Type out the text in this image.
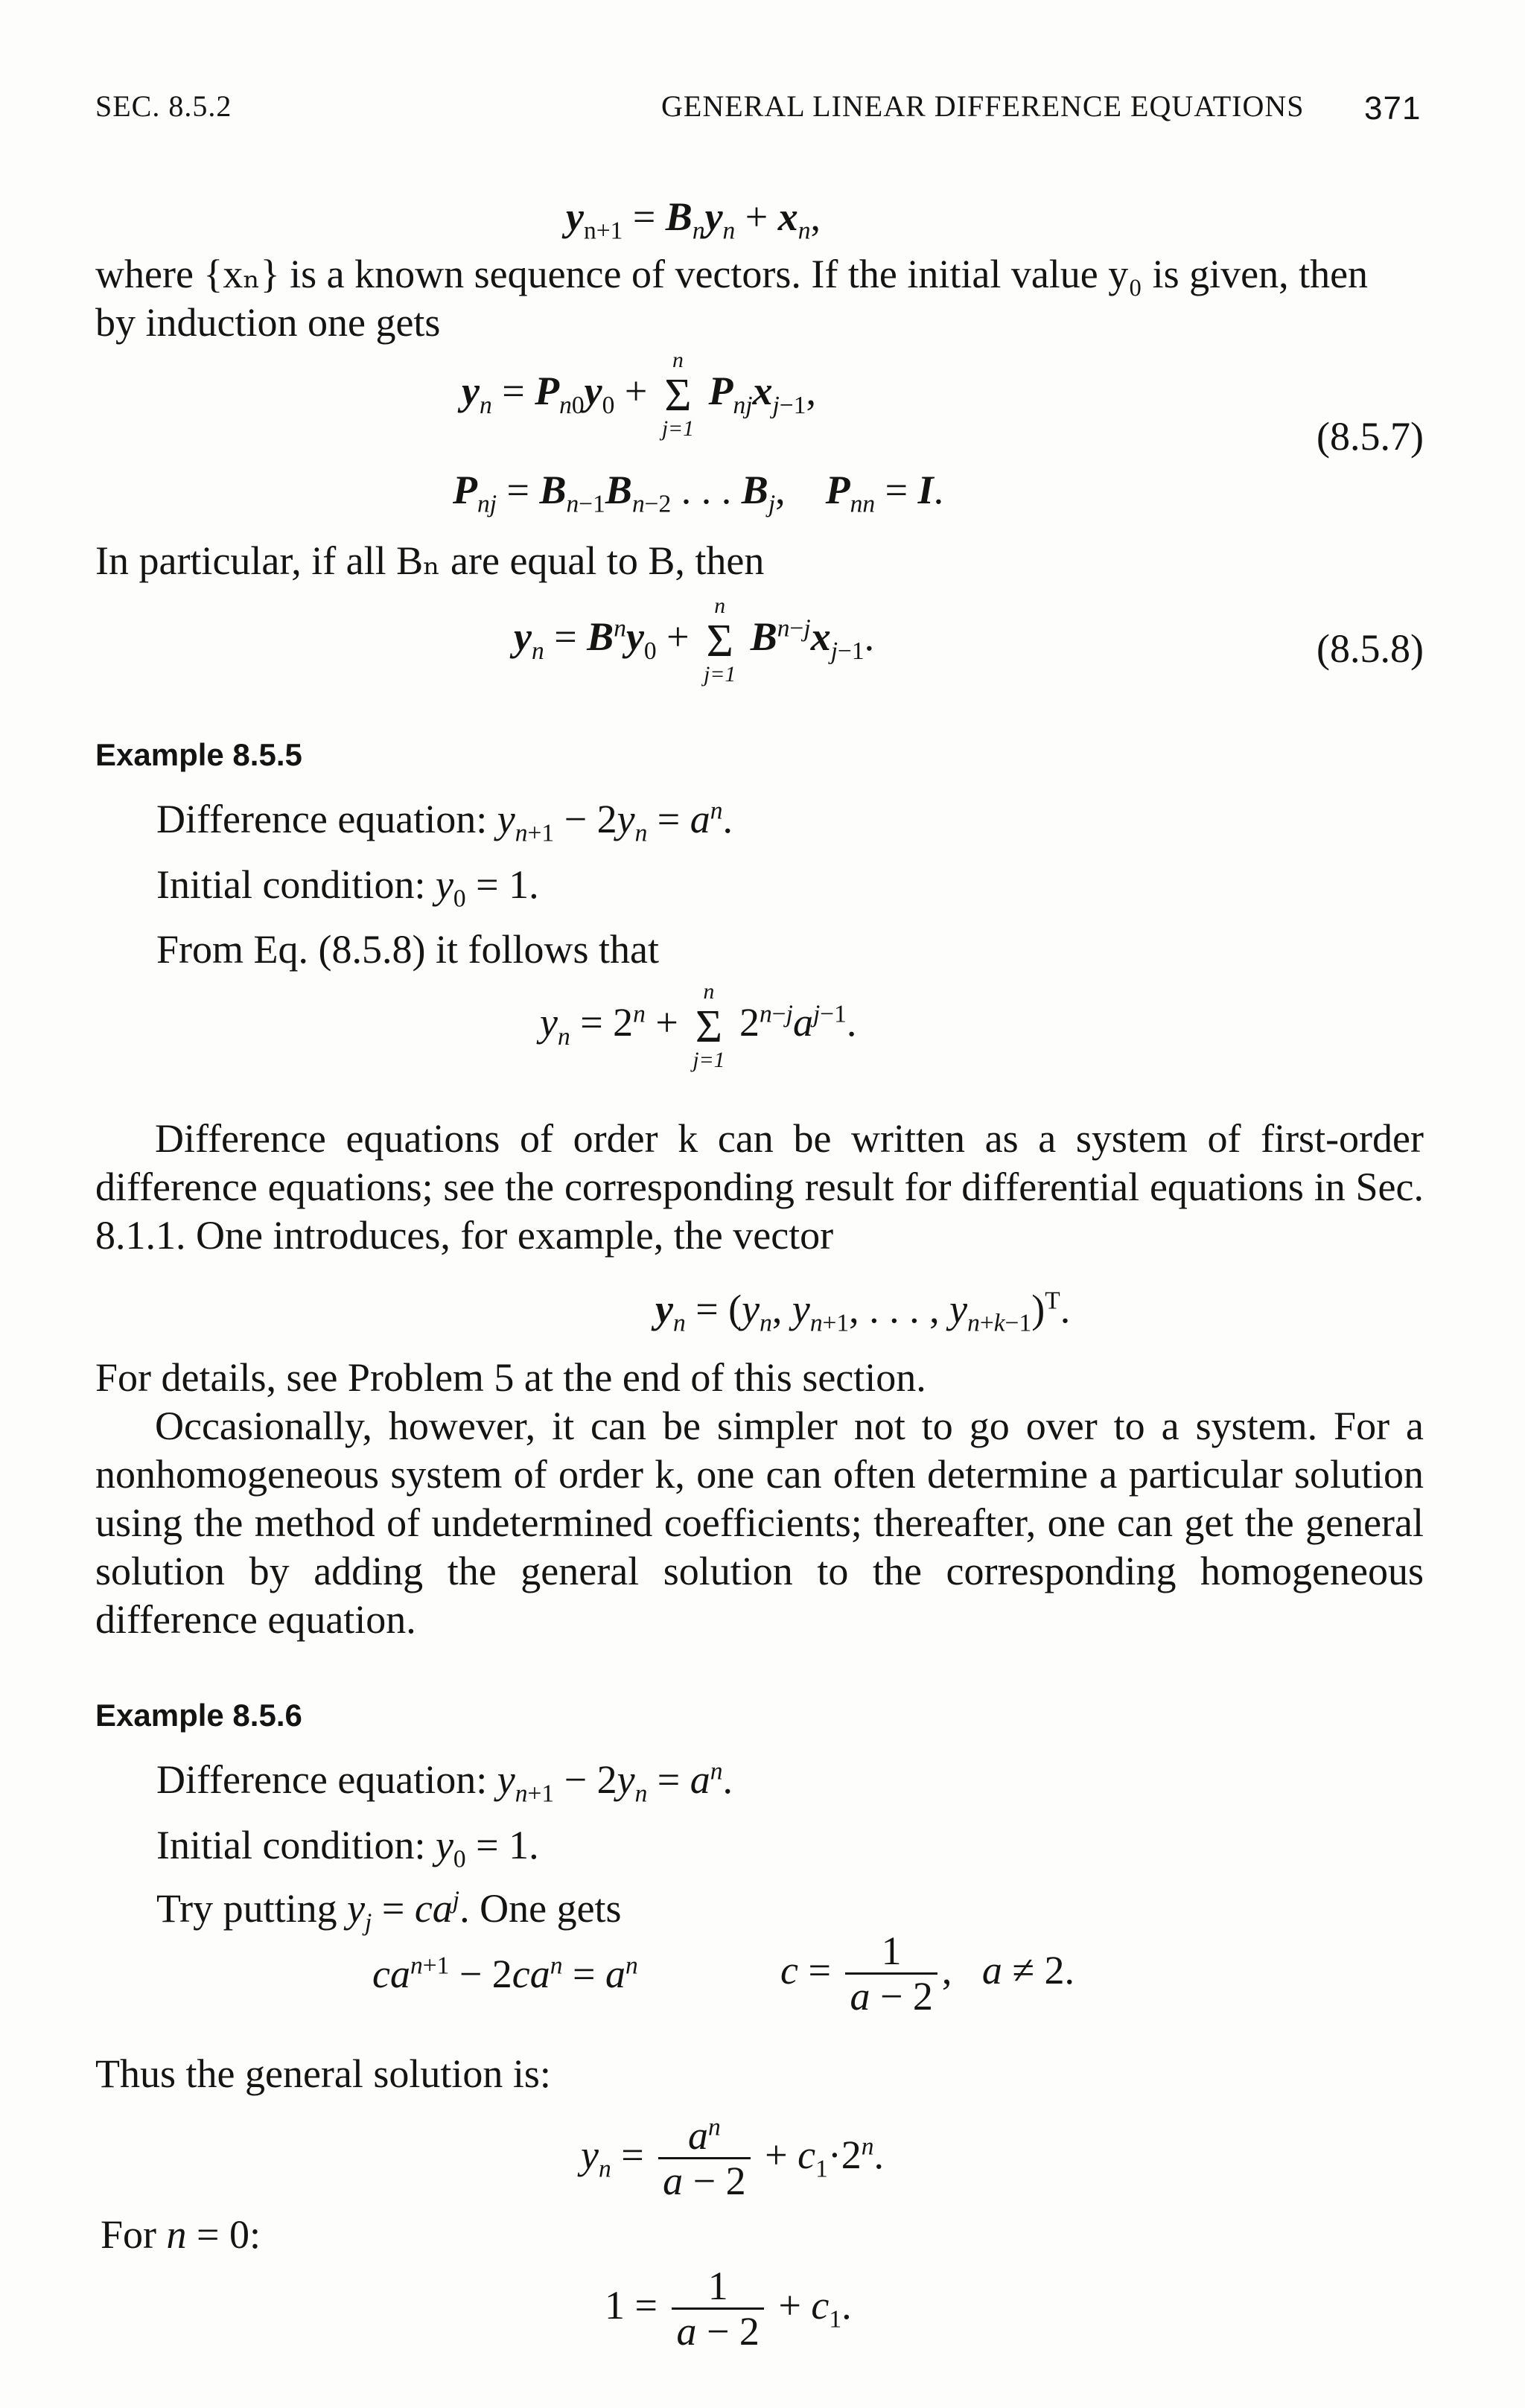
SEC. 8.5.2	GENERAL LINEAR DIFFERENCE EQUATIONS 371
$y_{n+1} = B_ny_n + x_n$,
where {xₙ} is a known sequence of vectors. If the initial value y₀ is given, then
by induction one gets
$y_n = P_{n0}y_0$ +
n
Σ
j=1
$P_{nj}x_{j-1}$,
(8.5.7)
$P_{nj} = B_{n-1}B_{n-2}$ . . . $B_j$,    $P_{nn} = I$.
In particular, if all Bₙ are equal to B, then
$y_n = B^ny_0$ +
n
Σ
j=1
$B^{n-j}x_{j-1}$.	(8.5.8)
Example 8.5.5
Difference equation: $y_{n+1} - 2y_n = a^n$.
Initial condition: $y_0 = 1$.
From Eq. (8.5.8) it follows that
$y_n = 2^n$ +
n
Σ
j=1
$2^{n-j}a^{j-1}$.
Difference equations of order k can be written as a system of first-order difference equations; see the corresponding result for differential equations in Sec. 8.1.1. One introduces, for example, the vector
$y_n = (y_n$, $y_{n+1}$, . . . , $y_{n+k-1})^T$.
For details, see Problem 5 at the end of this section.
Occasionally, however, it can be simpler not to go over to a system. For a nonhomogeneous system of order k, one can often determine a particular solution using the method of undetermined coefficients; thereafter, one can get the general solution by adding the general solution to the corresponding homogeneous difference equation.
Example 8.5.6
Difference equation: $y_{n+1} - 2y_n = a^n$.
Initial condition: $y_0 = 1$.
Try putting $y_j = ca^j$. One gets
$ca^{n+1} - 2ca^n = a^n$	$c = \frac{1}{a - 2}$ ,   a ≠ 2.
Thus the general solution is:
$y_n = \frac{a^n}{a - 2} + c_1\cdot 2^n$.
For n = 0:
$1 = \frac{1}{a - 2} + c_1$.
